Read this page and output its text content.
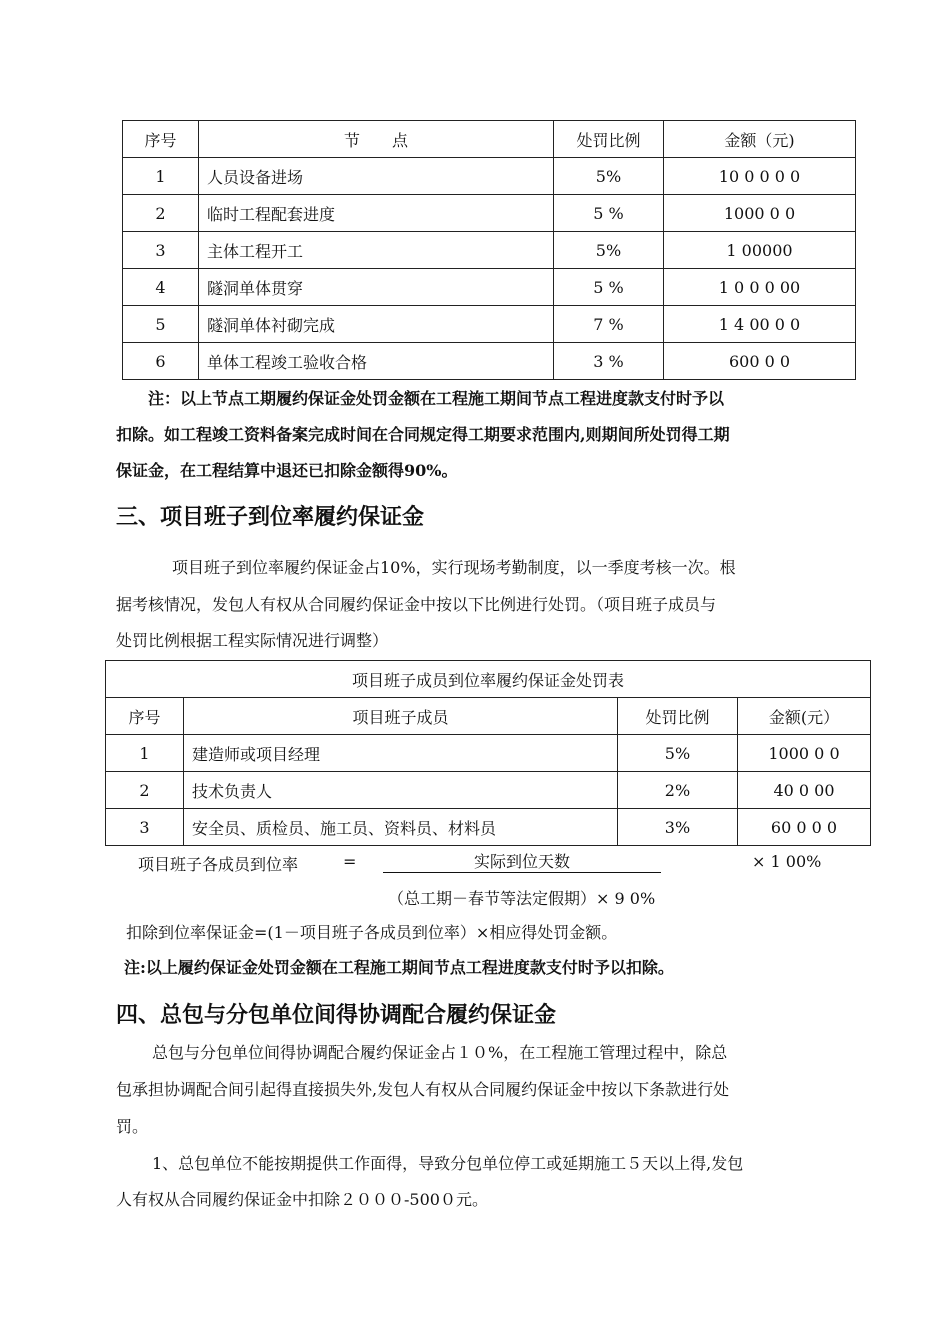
序号	节　　点	处罚比例	金额（元)
1	人员设备进场	5%	10 0 0 0 0
2	临时工程配套进度	5 %	1000 0 0
3	主体工程开工	5%	1 00000
4	隧洞单体贯穿	5 %	1 0 0 0 00
5	隧洞单体衬砌完成	7 %	1 4 00 0 0
6	单体工程竣工验收合格	3 %	600 0 0
注：以上节点工期履约保证金处罚金额在工程施工期间节点工程进度款支付时予以
扣除。如工程竣工资料备案完成时间在合同规定得工期要求范围内,则期间所处罚得工期
保证金，在工程结算中退还已扣除金额得90%。
三、项目班子到位率履约保证金
项目班子到位率履约保证金占10%，实行现场考勤制度，以一季度考核一次。根
据考核情况，发包人有权从合同履约保证金中按以下比例进行处罚。（项目班子成员与
处罚比例根据工程实际情况进行调整）
项目班子成员到位率履约保证金处罚表			
序号	项目班子成员	处罚比例	金额(元）
1	建造师或项目经理	5%	1000 0 0
2	技术负责人	2%	40 0 00
3	安全员、质检员、施工员、资料员、材料员	3%	60 0 0 0
项目班子各成员到位率	=	实际到位天数	× 1 00%
（总工期－春节等法定假期）× 9 0%
扣除到位率保证金=(1－项目班子各成员到位率）×相应得处罚金额。
注:以上履约保证金处罚金额在工程施工期间节点工程进度款支付时予以扣除。
四、总包与分包单位间得协调配合履约保证金
总包与分包单位间得协调配合履约保证金占１０%，在工程施工管理过程中，除总
包承担协调配合间引起得直接损失外,发包人有权从合同履约保证金中按以下条款进行处
罚。
1、总包单位不能按期提供工作面得，导致分包单位停工或延期施工５天以上得,发包
人有权从合同履约保证金中扣除２０００-500０元。
